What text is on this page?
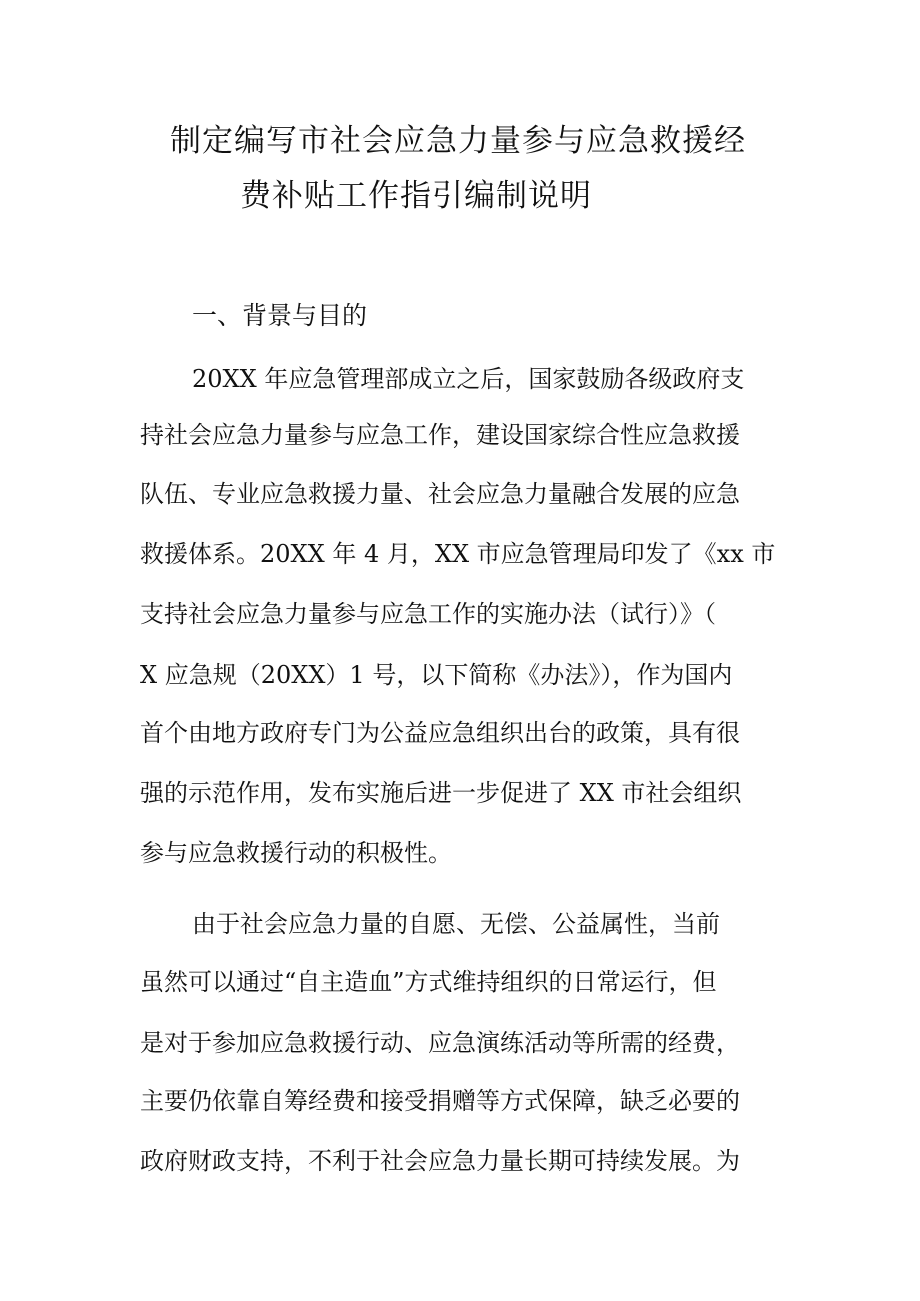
制定编写市社会应急力量参与应急救援经
费补贴工作指引编制说明
一、背景与目的
20XX 年应急管理部成立之后，国家鼓励各级政府支
持社会应急力量参与应急工作，建设国家综合性应急救援
队伍、专业应急救援力量、社会应急力量融合发展的应急
救援体系。20XX 年 4 月，XX 市应急管理局印发了《xx 市
支持社会应急力量参与应急工作的实施办法（试行）》（
X 应急规（20XX）1 号，以下简称《办法》），作为国内
首个由地方政府专门为公益应急组织出台的政策，具有很
强的示范作用，发布实施后进一步促进了 XX 市社会组织
参与应急救援行动的积极性。
由于社会应急力量的自愿、无偿、公益属性，当前
虽然可以通过“自主造血”方式维持组织的日常运行，但
是对于参加应急救援行动、应急演练活动等所需的经费，
主要仍依靠自筹经费和接受捐赠等方式保障，缺乏必要的
政府财政支持，不利于社会应急力量长期可持续发展。为
